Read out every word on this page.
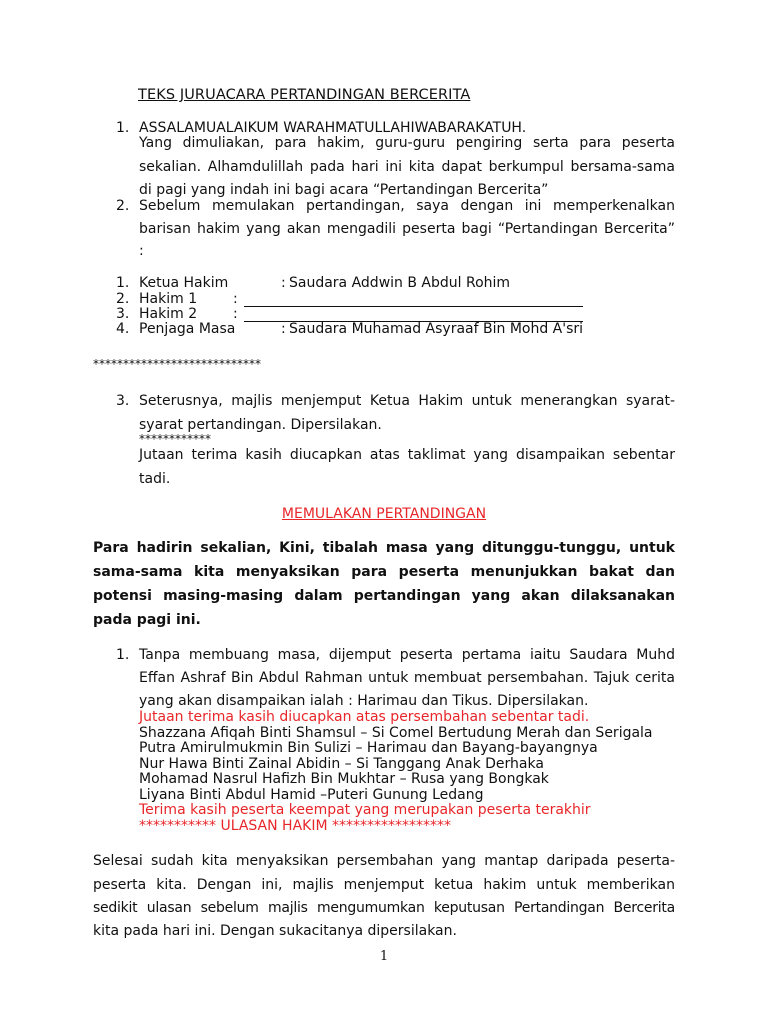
TEKS JURUACARA PERTANDINGAN BERCERITA
1. ASSALAMUALAIKUM WARAHMATULLAHIWABARAKATUH.
Yang dimuliakan, para hakim, guru-guru pengiring serta para peserta
sekalian. Alhamdulillah pada hari ini kita dapat berkumpul bersama-sama
di pagi yang indah ini bagi acara “Pertandingan Bercerita”
2. Sebelum memulakan pertandingan, saya dengan ini memperkenalkan
barisan hakim yang akan mengadili peserta bagi “Pertandingan Bercerita”
:
1. Ketua Hakim	: Saudara Addwin B Abdul Rohim
2. Hakim 1	:
3. Hakim 2	:
4. Penjaga Masa	: Saudara Muhamad Asyraaf Bin Mohd A'sri
****************************
3. Seterusnya, majlis menjemput Ketua Hakim untuk menerangkan syarat-
syarat pertandingan. Dipersilakan.
************
Jutaan terima kasih diucapkan atas taklimat yang disampaikan sebentar
tadi.
MEMULAKAN PERTANDINGAN
Para hadirin sekalian, Kini, tibalah masa yang ditunggu-tunggu, untuk
sama-sama kita menyaksikan para peserta menunjukkan bakat dan
potensi masing-masing dalam pertandingan yang akan dilaksanakan
pada pagi ini.
1. Tanpa membuang masa, dijemput peserta pertama iaitu Saudara Muhd
Effan Ashraf Bin Abdul Rahman untuk membuat persembahan. Tajuk cerita
yang akan disampaikan ialah : Harimau dan Tikus. Dipersilakan.
Jutaan terima kasih diucapkan atas persembahan sebentar tadi.
Shazzana Afiqah Binti Shamsul – Si Comel Bertudung Merah dan Serigala
Putra Amirulmukmin Bin Sulizi – Harimau dan Bayang-bayangnya
Nur Hawa Binti Zainal Abidin – Si Tanggang Anak Derhaka
Mohamad Nasrul Hafizh Bin Mukhtar – Rusa yang Bongkak
Liyana Binti Abdul Hamid –Puteri Gunung Ledang
Terima kasih peserta keempat yang merupakan peserta terakhir
*********** ULASAN HAKIM *****************
Selesai sudah kita menyaksikan persembahan yang mantap daripada peserta-
peserta kita. Dengan ini, majlis menjemput ketua hakim untuk memberikan
sedikit ulasan sebelum majlis mengumumkan keputusan Pertandingan Bercerita
kita pada hari ini. Dengan sukacitanya dipersilakan.
1
